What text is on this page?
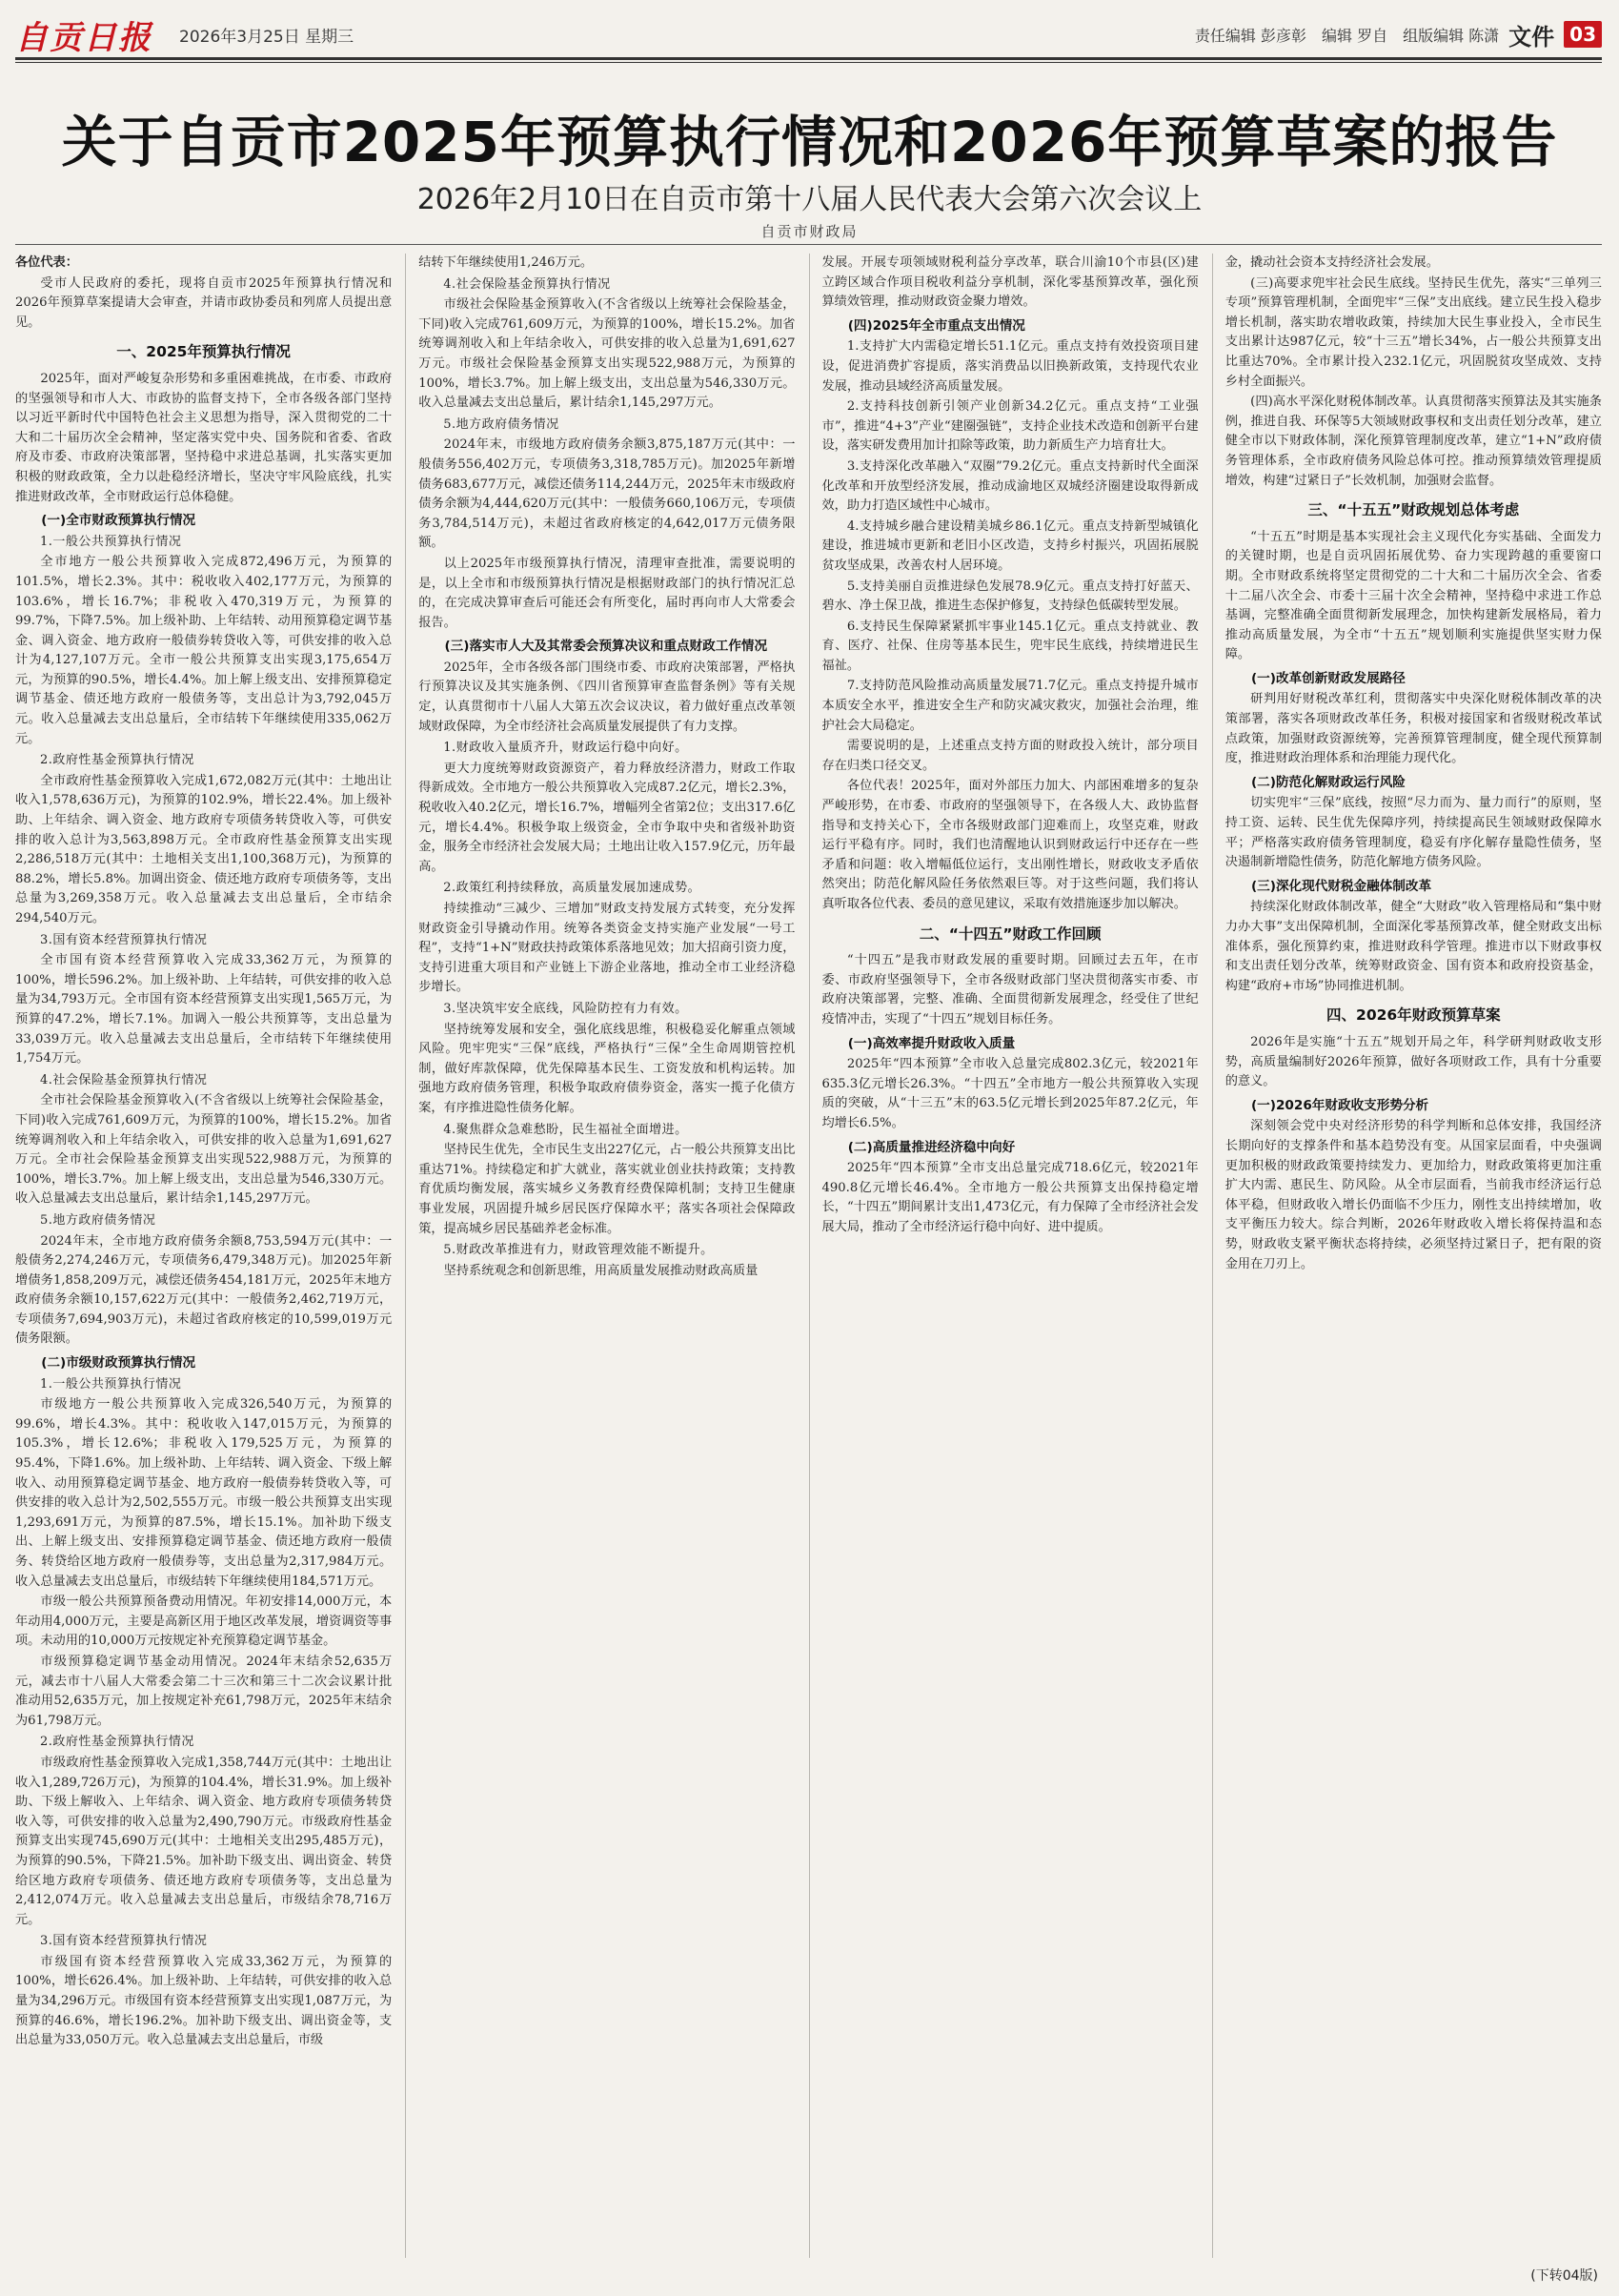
自贡日报 2026年3月25日 星期三	责任编辑 彭彦彰　编辑 罗自　组版编辑 陈潇 文件 03
关于自贡市2025年预算执行情况和2026年预算草案的报告
2026年2月10日在自贡市第十八届人民代表大会第六次会议上
自贡市财政局

各位代表：

受市人民政府的委托，现将自贡市2025年预算执行情况和2026年预算草案提请大会审查，并请市政协委员和列席人员提出意见。

一、2025年预算执行情况

2025年，面对严峻复杂形势和多重困难挑战，在市委、市政府的坚强领导和市人大、市政协的监督支持下，全市各级各部门坚持以习近平新时代中国特色社会主义思想为指导，深入贯彻党的二十大和二十届历次全会精神，坚定落实党中央、国务院和省委、省政府及市委、市政府决策部署，坚持稳中求进总基调，扎实落实更加积极的财政政策，全力以赴稳经济增长，坚决守牢风险底线，扎实推进财政改革，全市财政运行总体稳健。

(一)全市财政预算执行情况
1.一般公共预算执行情况

全市地方一般公共预算收入完成872,496万元，为预算的101.5%，增长2.3%。其中：税收收入402,177万元，为预算的103.6%，增长16.7%；非税收入470,319万元，为预算的99.7%，下降7.5%。加上级补助、上年结转、动用预算稳定调节基金、调入资金、地方政府一般债券转贷收入等，可供安排的收入总计为4,127,107万元。全市一般公共预算支出实现3,175,654万元，为预算的90.5%，增长4.4%。加上解上级支出、安排预算稳定调节基金、债还地方政府一般债务等，支出总计为3,792,045万元。收入总量减去支出总量后，全市结转下年继续使用335,062万元。

2.政府性基金预算执行情况

全市政府性基金预算收入完成1,672,082万元(其中：土地出让收入1,578,636万元)，为预算的102.9%，增长22.4%。加上级补助、上年结余、调入资金、地方政府专项债务转贷收入等，可供安排的收入总计为3,563,898万元。全市政府性基金预算支出实现2,286,518万元(其中：土地相关支出1,100,368万元)，为预算的88.2%，增长5.8%。加调出资金、债还地方政府专项债务等，支出总量为3,269,358万元。收入总量减去支出总量后，全市结余294,540万元。

3.国有资本经营预算执行情况

全市国有资本经营预算收入完成33,362万元，为预算的100%，增长596.2%。加上级补助、上年结转，可供安排的收入总量为34,793万元。全市国有资本经营预算支出实现1,565万元，为预算的47.2%，增长7.1%。加调入一般公共预算等，支出总量为33,039万元。收入总量减去支出总量后，全市结转下年继续使用1,754万元。

4.社会保险基金预算执行情况

全市社会保险基金预算收入(不含省级以上统筹社会保险基金，下同)收入完成761,609万元，为预算的100%，增长15.2%。加省统筹调剂收入和上年结余收入，可供安排的收入总量为1,691,627万元。全市社会保险基金预算支出实现522,988万元，为预算的100%，增长3.7%。加上解上级支出，支出总量为546,330万元。收入总量减去支出总量后，累计结余1,145,297万元。

5.地方政府债务情况

2024年末，全市地方政府债务余额8,753,594万元(其中：一般债务2,274,246万元，专项债务6,479,348万元)。加2025年新增债务1,858,209万元，减偿还债务454,181万元，2025年末地方政府债务余额10,157,622万元(其中：一般债务2,462,719万元，专项债务7,694,903万元)，未超过省政府核定的10,599,019万元债务限额。

(二)市级财政预算执行情况
1.一般公共预算执行情况

市级地方一般公共预算收入完成326,540万元，为预算的99.6%，增长4.3%。其中：税收收入147,015万元，为预算的105.3%，增长12.6%；非税收入179,525万元，为预算的95.4%，下降1.6%。加上级补助、上年结转、调入资金、下级上解收入、动用预算稳定调节基金、地方政府一般债券转贷收入等，可供安排的收入总计为2,502,555万元。市级一般公共预算支出实现1,293,691万元，为预算的87.5%，增长15.1%。加补助下级支出、上解上级支出、安排预算稳定调节基金、债还地方政府一般债务、转贷给区地方政府一般债券等，支出总量为2,317,984万元。收入总量减去支出总量后，市级结转下年继续使用184,571万元。

市级一般公共预算预备费动用情况。年初安排14,000万元，本年动用4,000万元，主要是高新区用于地区改革发展，增资调资等事项。未动用的10,000万元按规定补充预算稳定调节基金。

市级预算稳定调节基金动用情况。2024年末结余52,635万元，减去市十八届人大常委会第二十三次和第三十二次会议累计批准动用52,635万元，加上按规定补充61,798万元，2025年末结余为61,798万元。

2.政府性基金预算执行情况

市级政府性基金预算收入完成1,358,744万元(其中：土地出让收入1,289,726万元)，为预算的104.4%，增长31.9%。加上级补助、下级上解收入、上年结余、调入资金、地方政府专项债务转贷收入等，可供安排的收入总量为2,490,790万元。市级政府性基金预算支出实现745,690万元(其中：土地相关支出295,485万元)，为预算的90.5%，下降21.5%。加补助下级支出、调出资金、转贷给区地方政府专项债务、债还地方政府专项债务等，支出总量为2,412,074万元。收入总量减去支出总量后，市级结余78,716万元。

3.国有资本经营预算执行情况

市级国有资本经营预算收入完成33,362万元，为预算的100%，增长626.4%。加上级补助、上年结转，可供安排的收入总量为34,296万元。市级国有资本经营预算支出实现1,087万元，为预算的46.6%，增长196.2%。加补助下级支出、调出资金等，支出总量为33,050万元。收入总量减去支出总量后，市级

结转下年继续使用1,246万元。

4.社会保险基金预算执行情况

市级社会保险基金预算收入(不含省级以上统筹社会保险基金，下同)收入完成761,609万元，为预算的100%，增长15.2%。加省统筹调剂收入和上年结余收入，可供安排的收入总量为1,691,627万元。市级社会保险基金预算支出实现522,988万元，为预算的100%，增长3.7%。加上解上级支出，支出总量为546,330万元。收入总量减去支出总量后，累计结余1,145,297万元。

5.地方政府债务情况

2024年末，市级地方政府债务余额3,875,187万元(其中：一般债务556,402万元，专项债务3,318,785万元)。加2025年新增债务683,677万元，减偿还债务114,244万元，2025年末市级政府债务余额为4,444,620万元(其中：一般债务660,106万元，专项债务3,784,514万元)，未超过省政府核定的4,642,017万元债务限额。

以上2025年市级预算执行情况，清理审查批准，需要说明的是，以上全市和市级预算执行情况是根据财政部门的执行情况汇总的，在完成决算审查后可能还会有所变化，届时再向市人大常委会报告。

(三)落实市人大及其常委会预算决议和重点财政工作情况

2025年，全市各级各部门围绕市委、市政府决策部署，严格执行预算决议及其实施条例、《四川省预算审查监督条例》等有关规定，认真贯彻市十八届人大第五次会议决议，着力做好重点改革领域财政保障，为全市经济社会高质量发展提供了有力支撑。

1.财政收入量质齐升，财政运行稳中向好。

更大力度统筹财政资源资产，着力释放经济潜力，财政工作取得新成效。全市地方一般公共预算收入完成87.2亿元，增长2.3%，税收收入40.2亿元，增长16.7%，增幅列全省第2位；支出317.6亿元，增长4.4%。积极争取上级资金，全市争取中央和省级补助资金，服务全市经济社会发展大局；土地出让收入157.9亿元，历年最高。

2.政策红利持续释放，高质量发展加速成势。

持续推动“三减少、三增加”财政支持发展方式转变，充分发挥财政资金引导撬动作用。统筹各类资金支持实施产业发展“一号工程”，支持“1+N”财政扶持政策体系落地见效；加大招商引资力度，支持引进重大项目和产业链上下游企业落地，推动全市工业经济稳步增长。

3.坚决筑牢安全底线，风险防控有力有效。

坚持统筹发展和安全，强化底线思维，积极稳妥化解重点领域风险。兜牢兜实“三保”底线，严格执行“三保”全生命周期管控机制，做好库款保障，优先保障基本民生、工资发放和机构运转。加强地方政府债务管理，积极争取政府债券资金，落实一揽子化债方案，有序推进隐性债务化解。

4.聚焦群众急难愁盼，民生福祉全面增进。

坚持民生优先，全市民生支出227亿元，占一般公共预算支出比重达71%。持续稳定和扩大就业，落实就业创业扶持政策；支持教育优质均衡发展，落实城乡义务教育经费保障机制；支持卫生健康事业发展，巩固提升城乡居民医疗保障水平；落实各项社会保障政策，提高城乡居民基础养老金标准。

5.财政改革推进有力，财政管理效能不断提升。

坚持系统观念和创新思维，用高质量发展推动财政高质量

发展。开展专项领域财税利益分享改革，联合川渝10个市县(区)建立跨区域合作项目税收利益分享机制，深化零基预算改革，强化预算绩效管理，推动财政资金聚力增效。

(四)2025年全市重点支出情况

1.支持扩大内需稳定增长51.1亿元。重点支持有效投资项目建设，促进消费扩容提质，落实消费品以旧换新政策，支持现代农业发展，推动县域经济高质量发展。

2.支持科技创新引领产业创新34.2亿元。重点支持“工业强市”，推进“4+3”产业“建圈强链”，支持企业技术改造和创新平台建设，落实研发费用加计扣除等政策，助力新质生产力培育壮大。

3.支持深化改革融入“双圈”79.2亿元。重点支持新时代全面深化改革和开放型经济发展，推动成渝地区双城经济圈建设取得新成效，助力打造区域性中心城市。

4.支持城乡融合建设精美城乡86.1亿元。重点支持新型城镇化建设，推进城市更新和老旧小区改造，支持乡村振兴，巩固拓展脱贫攻坚成果，改善农村人居环境。

5.支持美丽自贡推进绿色发展78.9亿元。重点支持打好蓝天、碧水、净土保卫战，推进生态保护修复，支持绿色低碳转型发展。

6.支持民生保障紧紧抓牢事业145.1亿元。重点支持就业、教育、医疗、社保、住房等基本民生，兜牢民生底线，持续增进民生福祉。

7.支持防范风险推动高质量发展71.7亿元。重点支持提升城市本质安全水平，推进安全生产和防灾减灾救灾，加强社会治理，维护社会大局稳定。

需要说明的是，上述重点支持方面的财政投入统计，部分项目存在归类口径交叉。

各位代表！2025年，面对外部压力加大、内部困难增多的复杂严峻形势，在市委、市政府的坚强领导下，在各级人大、政协监督指导和支持关心下，全市各级财政部门迎难而上，攻坚克难，财政运行平稳有序。同时，我们也清醒地认识到财政运行中还存在一些矛盾和问题：收入增幅低位运行，支出刚性增长，财政收支矛盾依然突出；防范化解风险任务依然艰巨等。对于这些问题，我们将认真听取各位代表、委员的意见建议，采取有效措施逐步加以解决。

二、“十四五”财政工作回顾

“十四五”是我市财政发展的重要时期。回顾过去五年，在市委、市政府坚强领导下，全市各级财政部门坚决贯彻落实市委、市政府决策部署，完整、准确、全面贯彻新发展理念，经受住了世纪疫情冲击，实现了“十四五”规划目标任务。

(一)高效率提升财政收入质量

2025年“四本预算”全市收入总量完成802.3亿元，较2021年635.3亿元增长26.3%。“十四五”全市地方一般公共预算收入实现质的突破，从“十三五”末的63.5亿元增长到2025年87.2亿元，年均增长6.5%。

(二)高质量推进经济稳中向好

2025年“四本预算”全市支出总量完成718.6亿元，较2021年490.8亿元增长46.4%。全市地方一般公共预算支出保持稳定增长，“十四五”期间累计支出1,473亿元，有力保障了全市经济社会发展大局，推动了全市经济运行稳中向好、进中提质。

金，撬动社会资本支持经济社会发展。

(三)高要求兜牢社会民生底线。坚持民生优先，落实“三单列三专项”预算管理机制，全面兜牢“三保”支出底线。建立民生投入稳步增长机制，落实助农增收政策，持续加大民生事业投入，全市民生支出累计达987亿元，较“十三五”增长34%，占一般公共预算支出比重达70%。全市累计投入232.1亿元，巩固脱贫攻坚成效、支持乡村全面振兴。

(四)高水平深化财税体制改革。认真贯彻落实预算法及其实施条例，推进自我、环保等5大领域财政事权和支出责任划分改革，建立健全市以下财政体制，深化预算管理制度改革，建立“1+N”政府债务管理体系，全市政府债务风险总体可控。推动预算绩效管理提质增效，构建“过紧日子”长效机制，加强财会监督。

三、“十五五”财政规划总体考虑

“十五五”时期是基本实现社会主义现代化夯实基础、全面发力的关键时期，也是自贡巩固拓展优势、奋力实现跨越的重要窗口期。全市财政系统将坚定贯彻党的二十大和二十届历次全会、省委十二届八次全会、市委十三届十次全会精神，坚持稳中求进工作总基调，完整准确全面贯彻新发展理念，加快构建新发展格局，着力推动高质量发展，为全市“十五五”规划顺利实施提供坚实财力保障。

(一)改革创新财政发展路径

研判用好财税改革红利，贯彻落实中央深化财税体制改革的决策部署，落实各项财政改革任务，积极对接国家和省级财税改革试点政策，加强财政资源统筹，完善预算管理制度，健全现代预算制度，推进财政治理体系和治理能力现代化。

(二)防范化解财政运行风险

切实兜牢“三保”底线，按照“尽力而为、量力而行”的原则，坚持工资、运转、民生优先保障序列，持续提高民生领域财政保障水平；严格落实政府债务管理制度，稳妥有序化解存量隐性债务，坚决遏制新增隐性债务，防范化解地方债务风险。

(三)深化现代财税金融体制改革

持续深化财政体制改革，健全“大财政”收入管理格局和“集中财力办大事”支出保障机制，全面深化零基预算改革，健全财政支出标准体系，强化预算约束，推进财政科学管理。推进市以下财政事权和支出责任划分改革，统筹财政资金、国有资本和政府投资基金，构建“政府+市场”协同推进机制。

四、2026年财政预算草案

2026年是实施“十五五”规划开局之年，科学研判财政收支形势，高质量编制好2026年预算，做好各项财政工作，具有十分重要的意义。

(一)2026年财政收支形势分析

深刻领会党中央对经济形势的科学判断和总体安排，我国经济长期向好的支撑条件和基本趋势没有变。从国家层面看，中央强调更加积极的财政政策要持续发力、更加给力，财政政策将更加注重扩大内需、惠民生、防风险。从全市层面看，当前我市经济运行总体平稳，但财政收入增长仍面临不少压力，刚性支出持续增加，收支平衡压力较大。综合判断，2026年财政收入增长将保持温和态势，财政收支紧平衡状态将持续，必须坚持过紧日子，把有限的资金用在刀刃上。

(下转04版)
